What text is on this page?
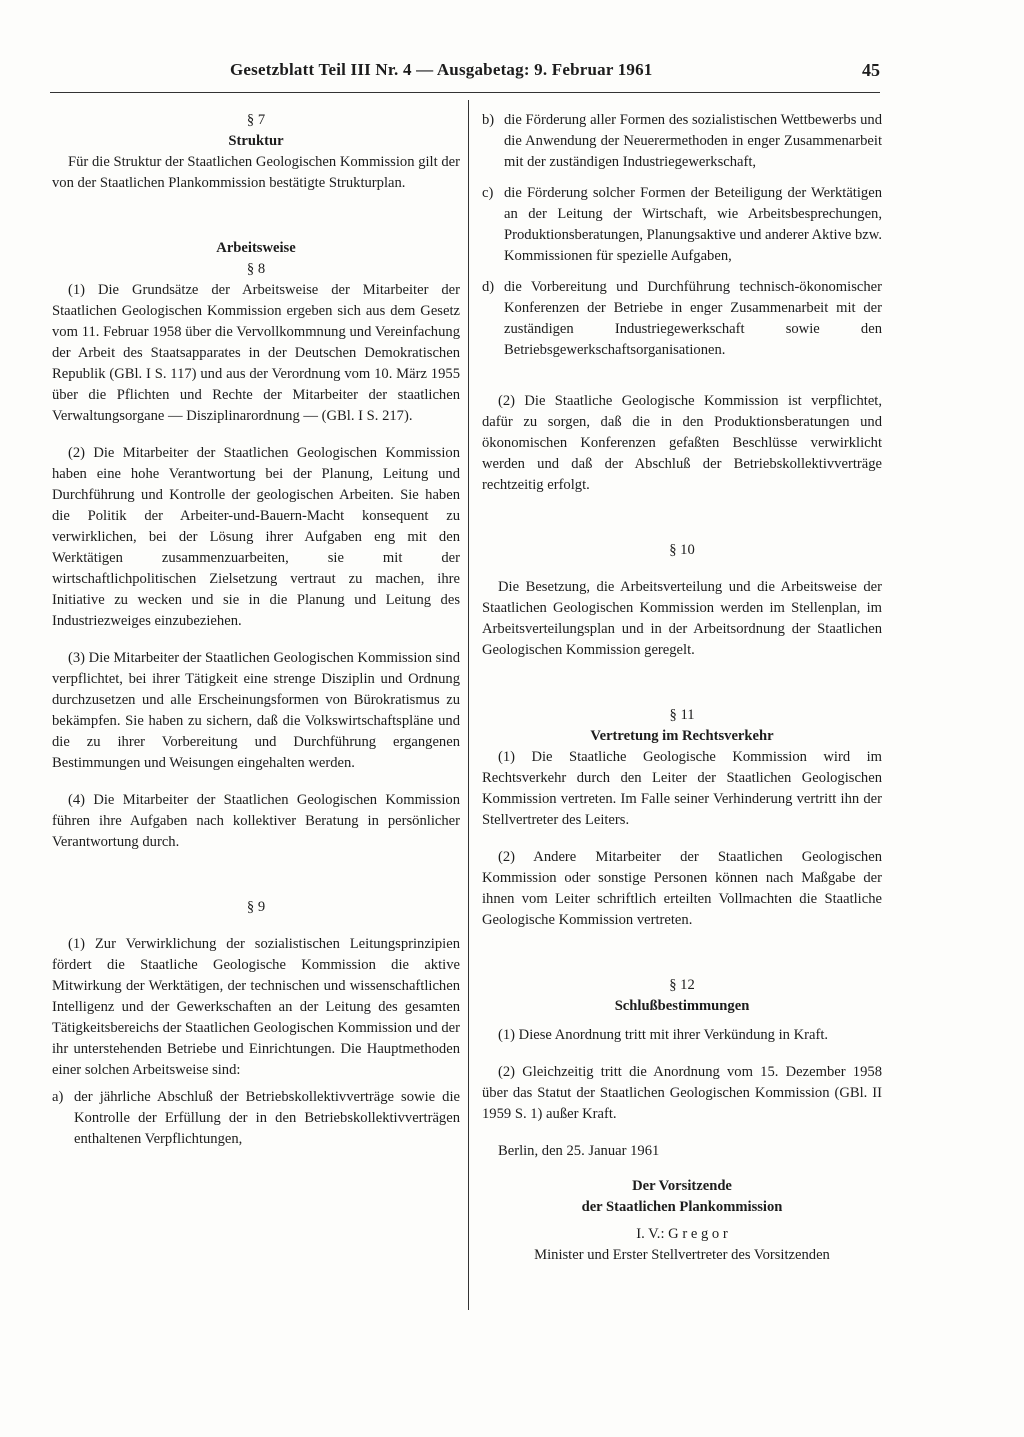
Gesetzblatt Teil III Nr. 4 — Ausgabetag: 9. Februar 1961	45
§ 7
Struktur

Für die Struktur der Staatlichen Geologischen Kommission gilt der von der Staatlichen Plankommission bestätigte Strukturplan.

Arbeitsweise
§ 8

(1) Die Grundsätze der Arbeitsweise der Mitarbeiter der Staatlichen Geologischen Kommission ergeben sich aus dem Gesetz vom 11. Februar 1958 über die Vervollkommnung und Vereinfachung der Arbeit des Staatsapparates in der Deutschen Demokratischen Republik (GBl. I S. 117) und aus der Verordnung vom 10. März 1955 über die Pflichten und Rechte der Mitarbeiter der staatlichen Verwaltungsorgane — Disziplinarordnung — (GBl. I S. 217).

(2) Die Mitarbeiter der Staatlichen Geologischen Kommission haben eine hohe Verantwortung bei der Planung, Leitung und Durchführung und Kontrolle der geologischen Arbeiten. Sie haben die Politik der Arbeiter-und-Bauern-Macht konsequent zu verwirklichen, bei der Lösung ihrer Aufgaben eng mit den Werktätigen zusammenzuarbeiten, sie mit der wirtschaftlichpolitischen Zielsetzung vertraut zu machen, ihre Initiative zu wecken und sie in die Planung und Leitung des Industriezweiges einzubeziehen.

(3) Die Mitarbeiter der Staatlichen Geologischen Kommission sind verpflichtet, bei ihrer Tätigkeit eine strenge Disziplin und Ordnung durchzusetzen und alle Erscheinungsformen von Bürokratismus zu bekämpfen. Sie haben zu sichern, daß die Volkswirtschaftspläne und die zu ihrer Vorbereitung und Durchführung ergangenen Bestimmungen und Weisungen eingehalten werden.

(4) Die Mitarbeiter der Staatlichen Geologischen Kommission führen ihre Aufgaben nach kollektiver Beratung in persönlicher Verantwortung durch.

§ 9

(1) Zur Verwirklichung der sozialistischen Leitungsprinzipien fördert die Staatliche Geologische Kommission die aktive Mitwirkung der Werktätigen, der technischen und wissenschaftlichen Intelligenz und der Gewerkschaften an der Leitung des gesamten Tätigkeitsbereichs der Staatlichen Geologischen Kommission und der ihr unterstehenden Betriebe und Einrichtungen. Die Hauptmethoden einer solchen Arbeitsweise sind:

a) der jährliche Abschluß der Betriebskollektivverträge sowie die Kontrolle der Erfüllung der in den Betriebskollektivverträgen enthaltenen Verpflichtungen,
b) die Förderung aller Formen des sozialistischen Wettbewerbs und die Anwendung der Neuerermethoden in enger Zusammenarbeit mit der zuständigen Industriegewerkschaft,
c) die Förderung solcher Formen der Beteiligung der Werktätigen an der Leitung der Wirtschaft, wie Arbeitsbesprechungen, Produktionsberatungen, Planungsaktive und anderer Aktive bzw. Kommissionen für spezielle Aufgaben,
d) die Vorbereitung und Durchführung technisch-ökonomischer Konferenzen der Betriebe in enger Zusammenarbeit mit der zuständigen Industriegewerkschaft sowie den Betriebsgewerkschaftsorganisationen.

(2) Die Staatliche Geologische Kommission ist verpflichtet, dafür zu sorgen, daß die in den Produktionsberatungen und ökonomischen Konferenzen gefaßten Beschlüsse verwirklicht werden und daß der Abschluß der Betriebskollektivverträge rechtzeitig erfolgt.

§ 10

Die Besetzung, die Arbeitsverteilung und die Arbeitsweise der Staatlichen Geologischen Kommission werden im Stellenplan, im Arbeitsverteilungsplan und in der Arbeitsordnung der Staatlichen Geologischen Kommission geregelt.

§ 11
Vertretung im Rechtsverkehr

(1) Die Staatliche Geologische Kommission wird im Rechtsverkehr durch den Leiter der Staatlichen Geologischen Kommission vertreten. Im Falle seiner Verhinderung vertritt ihn der Stellvertreter des Leiters.

(2) Andere Mitarbeiter der Staatlichen Geologischen Kommission oder sonstige Personen können nach Maßgabe der ihnen vom Leiter schriftlich erteilten Vollmachten die Staatliche Geologische Kommission vertreten.

§ 12
Schlußbestimmungen

(1) Diese Anordnung tritt mit ihrer Verkündung in Kraft.

(2) Gleichzeitig tritt die Anordnung vom 15. Dezember 1958 über das Statut der Staatlichen Geologischen Kommission (GBl. II 1959 S. 1) außer Kraft.

Berlin, den 25. Januar 1961

Der Vorsitzende
der Staatlichen Plankommission
I. V.: G r e g o r
Minister und Erster Stellvertreter des Vorsitzenden
